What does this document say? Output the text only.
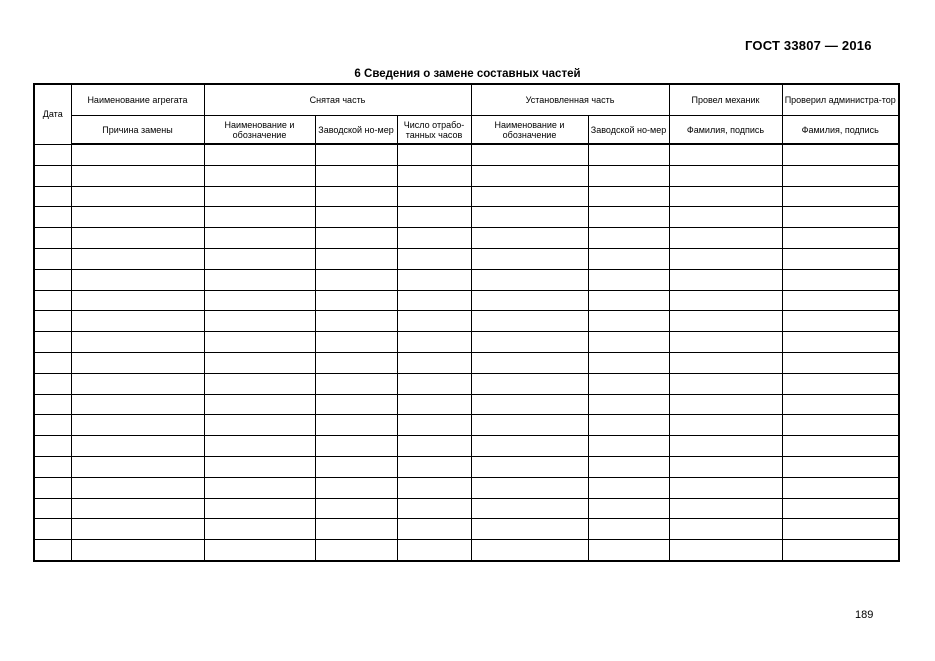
ГОСТ 33807 — 2016
6 Сведения о замене составных частей
Дата	Наименование агрегата	Снятая часть			Установленная часть		Провел механик	Проверил администра-тор
	Причина замены	Наименование и обозначение	Заводской но-мер	Число отрабо-танных часов	Наименование и обозначение	Заводской но-мер	Фамилия, подпись	Фамилия, подпись

189
